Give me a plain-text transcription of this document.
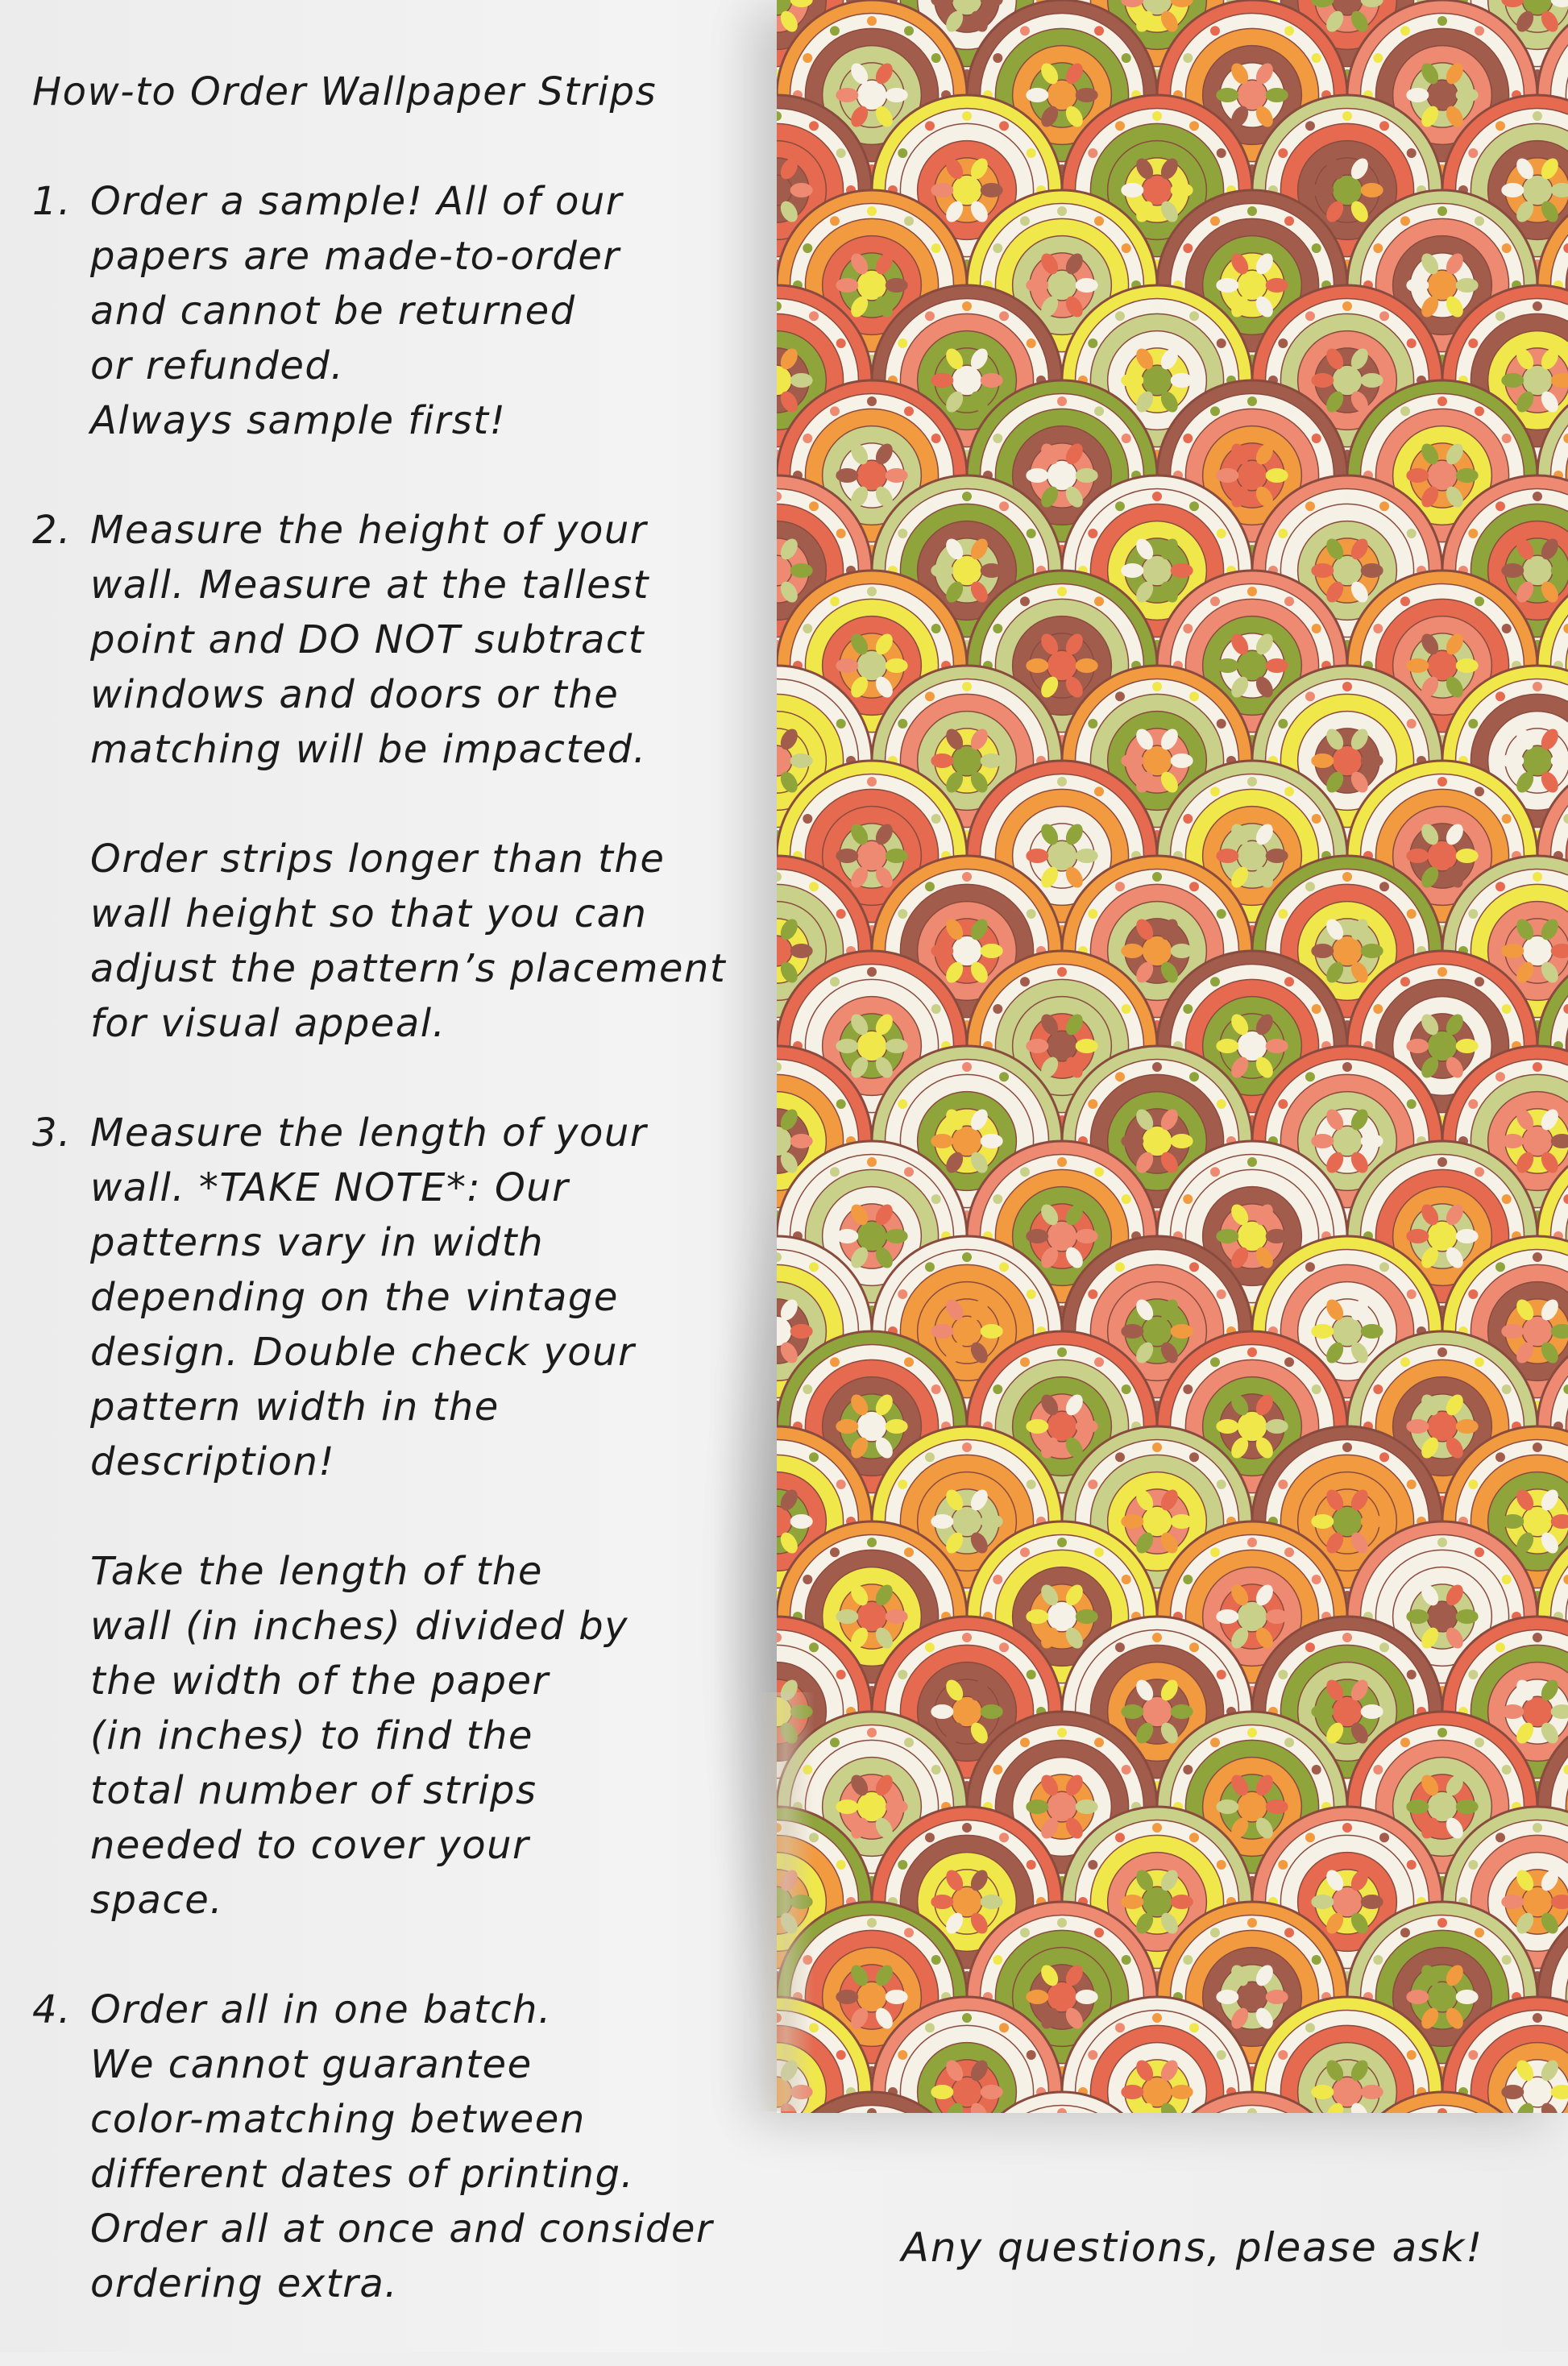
How-to Order Wallpaper Strips
1. Order a sample! All of our
papers are made-to-order
and cannot be returned
or refunded.
Always sample first!

2. Measure the height of your
wall. Measure at the tallest
point and DO NOT subtract
windows and doors or the
matching will be impacted.

Order strips longer than the
wall height so that you can
adjust the pattern’s placement
for visual appeal.

3. Measure the length of your
wall. *TAKE NOTE*: Our
patterns vary in width
depending on the vintage
design. Double check your
pattern width in the
description!

Take the length of the
wall (in inches) divided by
the width of the paper
(in inches) to find the
total number of strips
needed to cover your
space.

4. Order all in one batch.
We cannot guarantee
color-matching between
different dates of printing.
Order all at once and consider
ordering extra.

Any questions, please ask!
